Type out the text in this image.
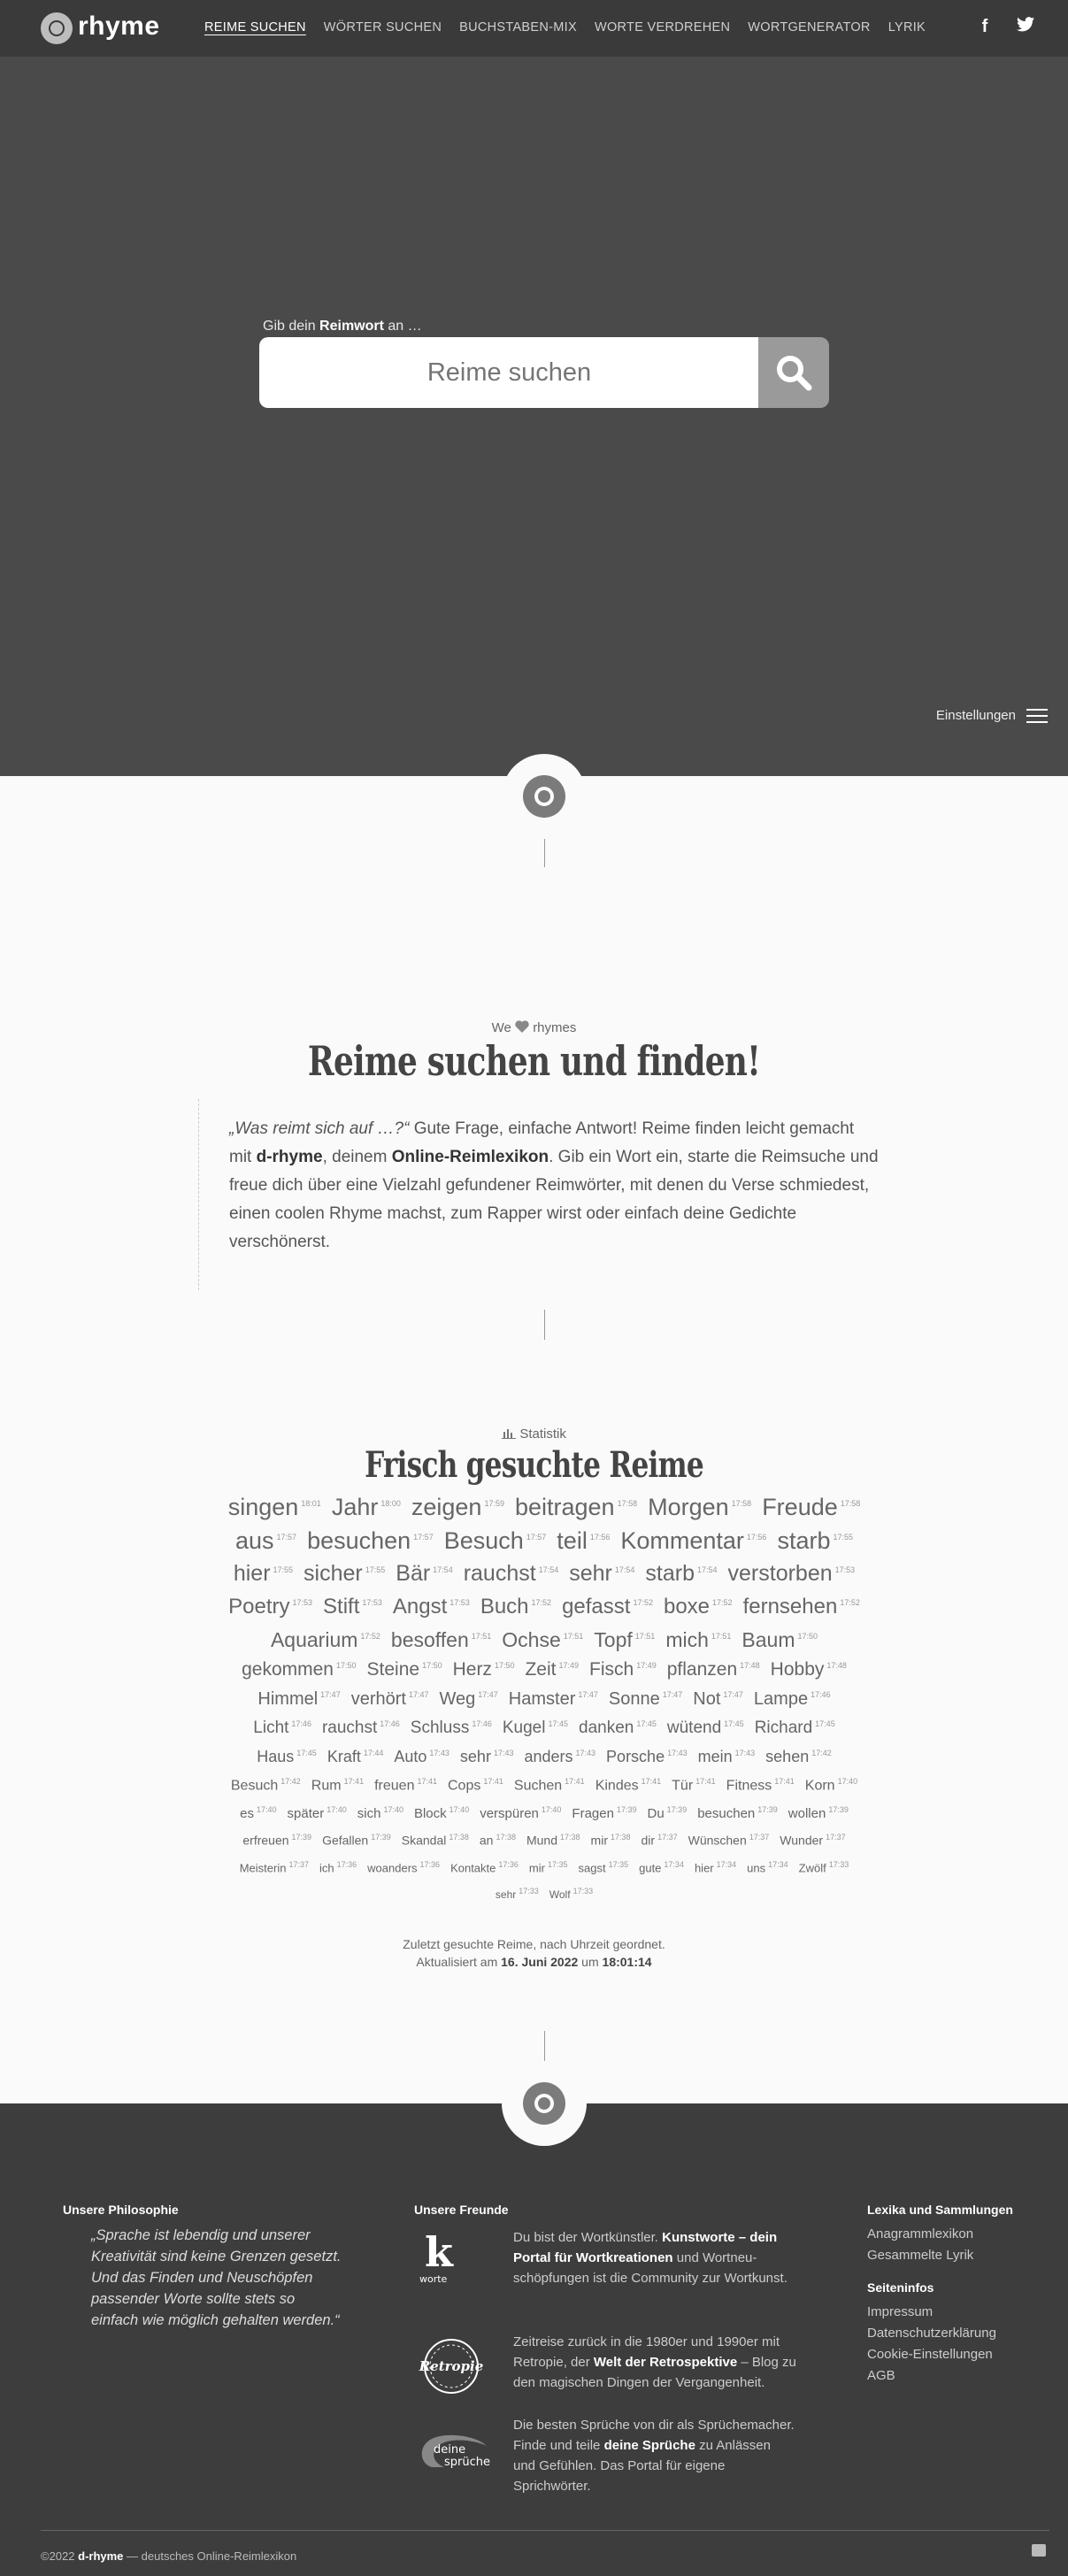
rhyme	REIME SUCHEN WÖRTER SUCHEN BUCHSTABEN-MIX WORTE VERDREHEN WORTGENERATOR LYRIK	f
Gib dein Reimwort an …
Reime suchen
Einstellungen
We rhymes
Reime suchen und finden!
„Was reimt sich auf …?“ Gute Frage, einfache Antwort! Reime finden leicht gemacht mit d-rhyme, deinem Online-Reimlexikon. Gib ein Wort ein, starte die Reimsuche und freue dich über eine Vielzahl gefundener Reimwörter, mit denen du Verse schmiedest, einen coolen Rhyme machst, zum Rapper wirst oder einfach deine Gedichte verschönerst.
Statistik
Frisch gesuchte Reime
singen $^{18:01}$ Jahr $^{18:00}$ zeigen $^{17:59}$ beitragen $^{17:58}$ Morgen $^{17:58}$ Freude $^{17:58}$
aus $^{17:57}$ besuchen $^{17:57}$ Besuch $^{17:57}$ teil $^{17:56}$ Kommentar $^{17:56}$ starb $^{17:55}$
hier $^{17:55}$ sicher $^{17:55}$ Bär $^{17:54}$ rauchst $^{17:54}$ sehr $^{17:54}$ starb $^{17:54}$ verstorben $^{17:53}$
Poetry $^{17:53}$ Stift $^{17:53}$ Angst $^{17:53}$ Buch $^{17:52}$ gefasst $^{17:52}$ boxe $^{17:52}$ fernsehen $^{17:52}$
Aquarium $^{17:52}$ besoffen $^{17:51}$ Ochse $^{17:51}$ Topf $^{17:51}$ mich $^{17:51}$ Baum $^{17:50}$
gekommen $^{17:50}$ Steine $^{17:50}$ Herz $^{17:50}$ Zeit $^{17:49}$ Fisch $^{17:49}$ pflanzen $^{17:48}$ Hobby $^{17:48}$
Himmel $^{17:47}$ verhört $^{17:47}$ Weg $^{17:47}$ Hamster $^{17:47}$ Sonne $^{17:47}$ Not $^{17:47}$ Lampe $^{17:46}$
Licht $^{17:46}$ rauchst $^{17:46}$ Schluss $^{17:46}$ Kugel $^{17:45}$ danken $^{17:45}$ wütend $^{17:45}$ Richard $^{17:45}$
Haus $^{17:45}$ Kraft $^{17:44}$ Auto $^{17:43}$ sehr $^{17:43}$ anders $^{17:43}$ Porsche $^{17:43}$ mein $^{17:43}$ sehen $^{17:42}$
Besuch $^{17:42}$ Rum $^{17:41}$ freuen $^{17:41}$ Cops $^{17:41}$ Suchen $^{17:41}$ Kindes $^{17:41}$ Tür $^{17:41}$ Fitness $^{17:41}$ Korn $^{17:40}$
es $^{17:40}$ später $^{17:40}$ sich $^{17:40}$ Block $^{17:40}$ verspüren $^{17:40}$ Fragen $^{17:39}$ Du $^{17:39}$ besuchen $^{17:39}$ wollen $^{17:39}$
erfreuen $^{17:39}$ Gefallen $^{17:39}$ Skandal $^{17:38}$ an $^{17:38}$ Mund $^{17:38}$ mir $^{17:38}$ dir $^{17:37}$ Wünschen $^{17:37}$ Wunder $^{17:37}$
Meisterin $^{17:37}$ ich $^{17:36}$ woanders $^{17:36}$ Kontakte $^{17:36}$ mir $^{17:35}$ sagst $^{17:35}$ gute $^{17:34}$ hier $^{17:34}$ uns $^{17:34}$ Zwölf $^{17:33}$
sehr $^{17:33}$ Wolf $^{17:33}$
Zuletzt gesuchte Reime, nach Uhrzeit geordnet.
Aktualisiert am 16. Juni 2022 um 18:01:14
Unsere Philosophie
„Sprache ist lebendig und unserer Kreativität sind keine Grenzen gesetzt. Und das Finden und Neuschöpfen passender Worte sollte stets so einfach wie möglich gehalten werden.“
Unsere Freunde
k
worte
Du bist der Wortkünstler. Kunstworte – dein Portal für Wortkreationen und Wortneuschöpfungen ist die Community zur Wortkunst.
Retropie
Zeitreise zurück in die 1980er und 1990er mit Retropie, der Welt der Retrospektive – Blog zu den magischen Dingen der Vergangenheit.
deine
sprüche
Die besten Sprüche von dir als Sprüchemacher. Finde und teile deine Sprüche zu Anlässen und Gefühlen. Das Portal für eigene Sprichwörter.
Lexika und Sammlungen
Anagrammlexikon
Gesammelte Lyrik
Seiteninfos
Impressum
Datenschutzerklärung
Cookie-Einstellungen
AGB
©2022 d-rhyme — deutsches Online-Reimlexikon
